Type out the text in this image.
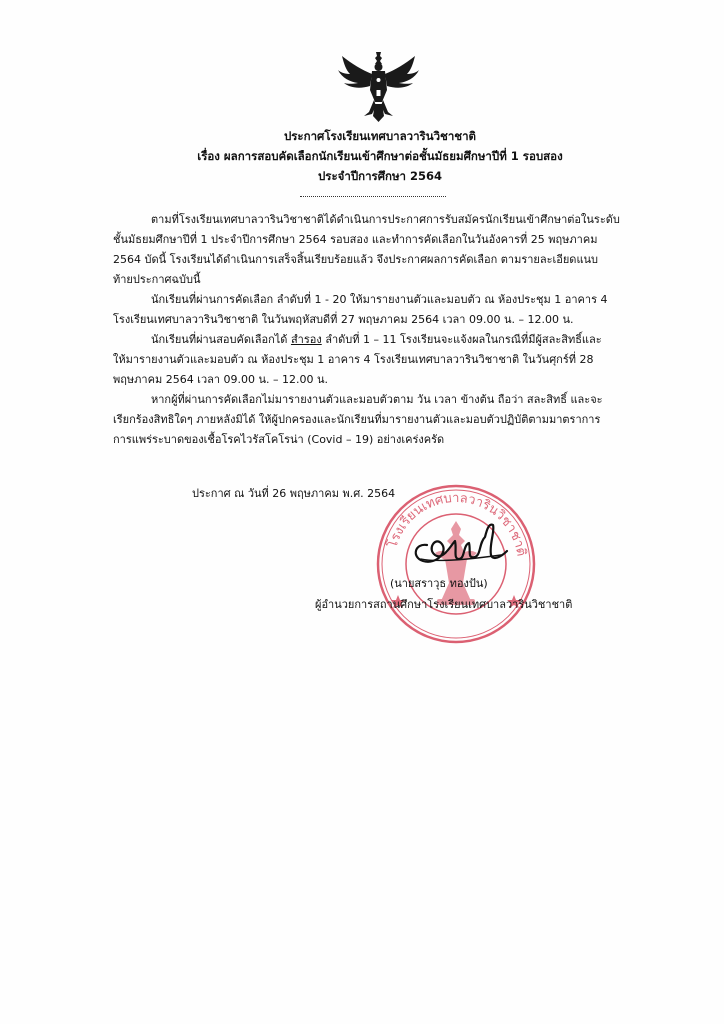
ประกาศโรงเรียนเทศบาลวารินวิชาชาติ
เรื่อง ผลการสอบคัดเลือกนักเรียนเข้าศึกษาต่อชั้นมัธยมศึกษาปีที่ 1 รอบสอง
ประจำปีการศึกษา 2564
ตามที่โรงเรียนเทศบาลวารินวิชาชาติได้ดำเนินการประกาศการรับสมัครนักเรียนเข้าศึกษาต่อในระดับ
ชั้นมัธยมศึกษาปีที่ 1 ประจำปีการศึกษา 2564 รอบสอง และทำการคัดเลือกในวันอังคารที่ 25 พฤษภาคม
2564 บัดนี้ โรงเรียนได้ดำเนินการเสร็จสิ้นเรียบร้อยแล้ว จึงประกาศผลการคัดเลือก ตามรายละเอียดแนบ
ท้ายประกาศฉบับนี้
นักเรียนที่ผ่านการคัดเลือก ลำดับที่ 1 - 20 ให้มารายงานตัวและมอบตัว ณ ห้องประชุม 1 อาคาร 4
โรงเรียนเทศบาลวารินวิชาชาติ ในวันพฤหัสบดีที่ 27 พฤษภาคม 2564 เวลา 09.00 น. – 12.00 น.
นักเรียนที่ผ่านสอบคัดเลือกได้ สำรอง ลำดับที่ 1 – 11 โรงเรียนจะแจ้งผลในกรณีที่มีผู้สละสิทธิ์และ
ให้มารายงานตัวและมอบตัว ณ ห้องประชุม 1 อาคาร 4 โรงเรียนเทศบาลวารินวิชาชาติ ในวันศุกร์ที่ 28
พฤษภาคม 2564 เวลา 09.00 น. – 12.00 น.
หากผู้ที่ผ่านการคัดเลือกไม่มารายงานตัวและมอบตัวตาม วัน เวลา ข้างต้น ถือว่า สละสิทธิ์ และจะ
เรียกร้องสิทธิใดๆ ภายหลังมิได้ ให้ผู้ปกครองและนักเรียนที่มารายงานตัวและมอบตัวปฏิบัติตามมาตราการ
การแพร่ระบาดของเชื้อโรคไวรัสโคโรน่า (Covid – 19) อย่างเคร่งครัด
ประกาศ ณ วันที่ 26 พฤษภาคม พ.ศ. 2564
โรงเรียนเทศบาลวารินวิชาชาติ
(นายสราวุธ ทองปัน)
ผู้อำนวยการสถานศึกษาโรงเรียนเทศบาลวารินวิชาชาติ
